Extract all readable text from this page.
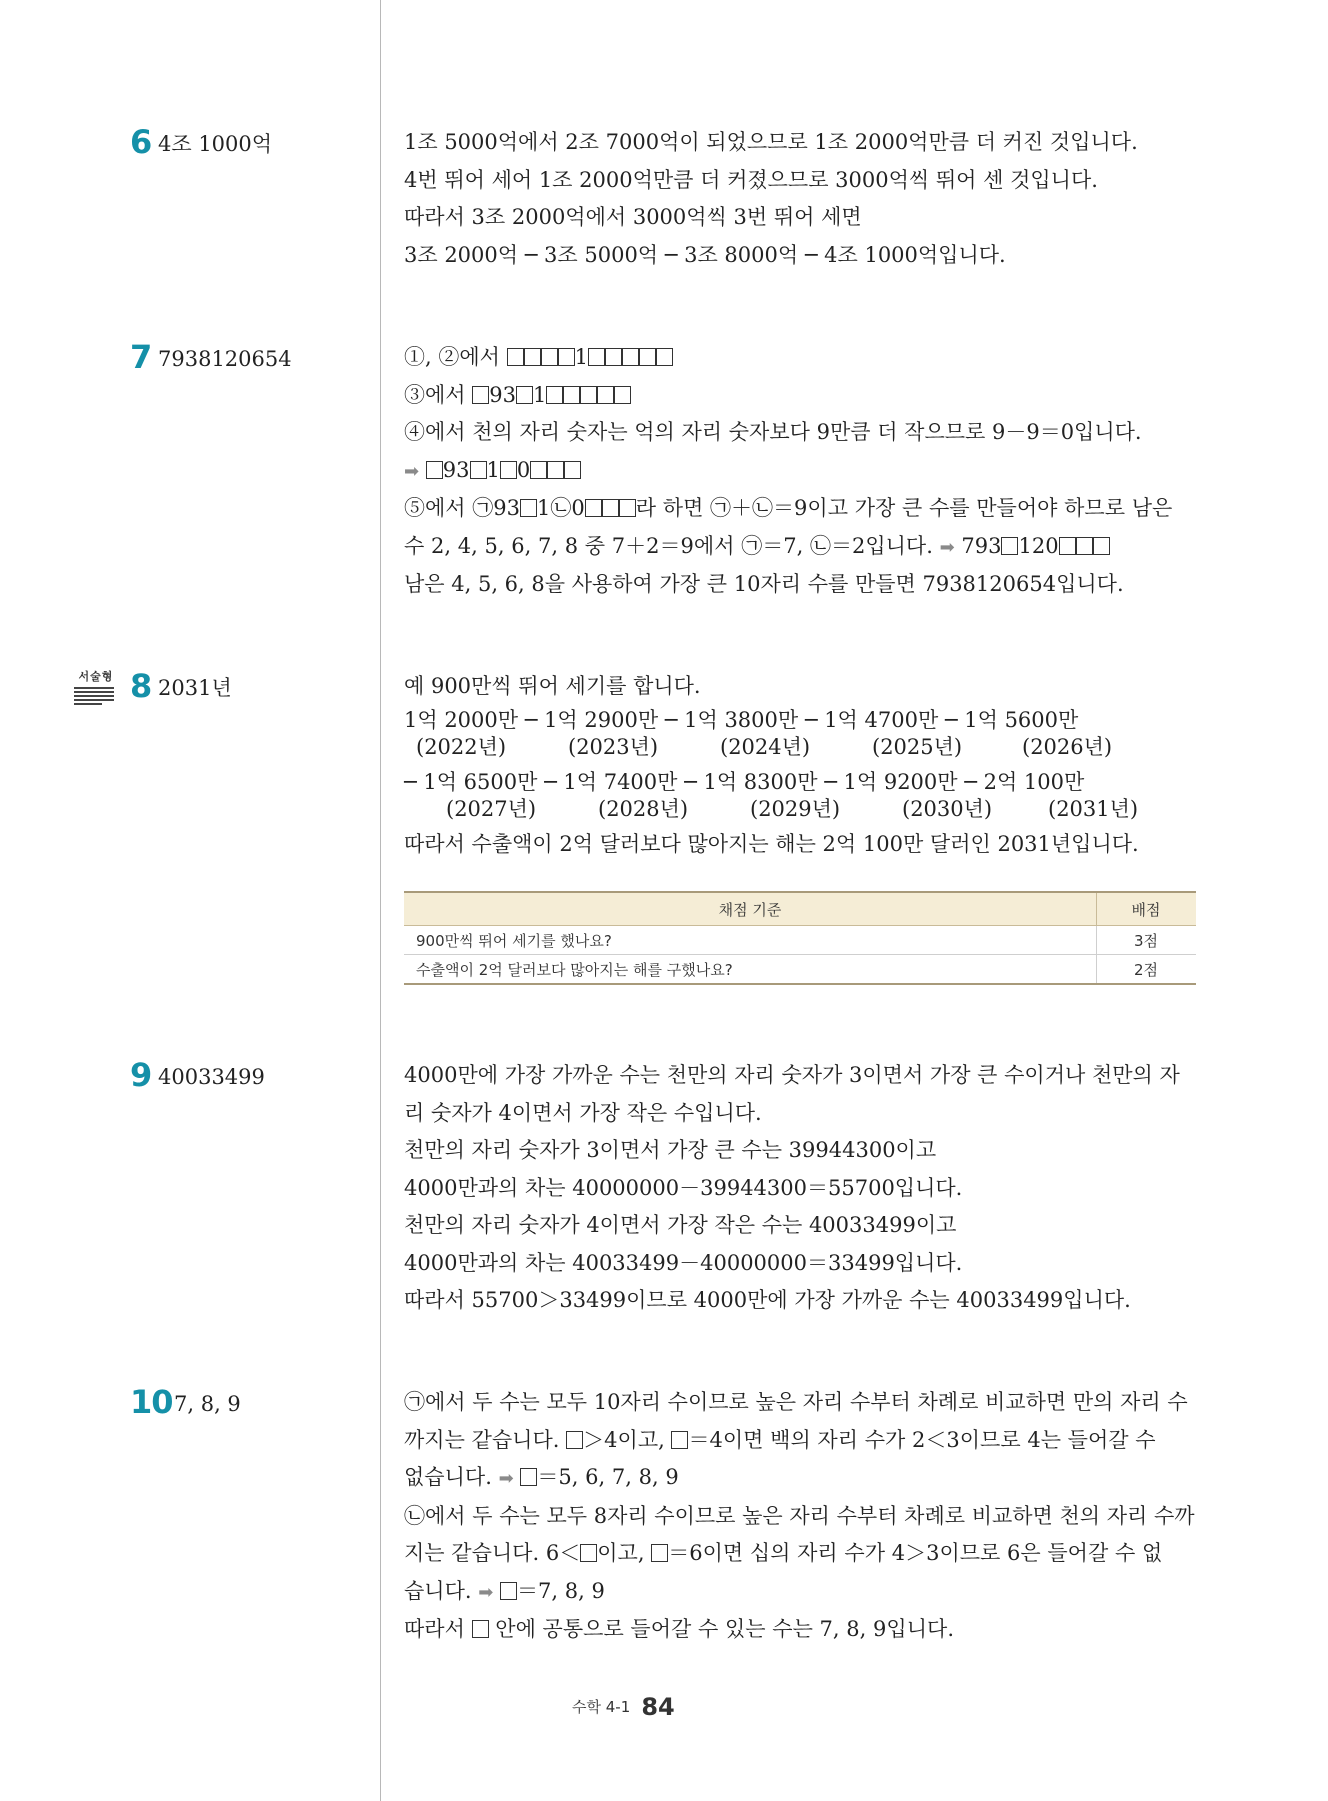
6 4조 1000억	1조 5000억에서 2조 7000억이 되었으므로 1조 2000억만큼 더 커진 것입니다.
4번 뛰어 세어 1조 2000억만큼 더 커졌으므로 3000억씩 뛰어 센 것입니다.
따라서 3조 2000억에서 3000억씩 3번 뛰어 세면
3조 2000억 ─ 3조 5000억 ─ 3조 8000억 ─ 4조 1000억입니다.
7 7938120654	①, ②에서	1
③에서 93 1
④에서 천의 자리 숫자는 억의 자리 숫자보다 9만큼 더 작으므로 9－9＝0입니다.
➡ 93 1 0
⑤에서 ㉠93 1㉡0 라 하면 ㉠＋㉡＝9이고 가장 큰 수를 만들어야 하므로 남은
수 2, 4, 5, 6, 7, 8 중 7＋2＝9에서 ㉠＝7, ㉡＝2입니다. ➡ 793 120
남은 4, 5, 6, 8을 사용하여 가장 큰 10자리 수를 만들면 7938120654입니다.
서술형 8 2031년	예 900만씩 뛰어 세기를 합니다.
1억 2000만 ─ 1억 2900만 ─ 1억 3800만 ─ 1억 4700만 ─ 1억 5600만
(2022년)	(2023년)	(2024년)	(2025년)	(2026년)
─ 1억 6500만 ─ 1억 7400만 ─ 1억 8300만 ─ 1억 9200만 ─ 2억 100만
(2027년)	(2028년)	(2029년)	(2030년)	(2031년)
따라서 수출액이 2억 달러보다 많아지는 해는 2억 100만 달러인 2031년입니다.
채점 기준	배점
900만씩 뛰어 세기를 했나요?	3점
수출액이 2억 달러보다 많아지는 해를 구했나요?	2점
9 40033499	4000만에 가장 가까운 수는 천만의 자리 숫자가 3이면서 가장 큰 수이거나 천만의 자
리 숫자가 4이면서 가장 작은 수입니다.
천만의 자리 숫자가 3이면서 가장 큰 수는 39944300이고
4000만과의 차는 40000000－39944300＝55700입니다.
천만의 자리 숫자가 4이면서 가장 작은 수는 40033499이고
4000만과의 차는 40033499－40000000＝33499입니다.
따라서 55700＞33499이므로 4000만에 가장 가까운 수는 40033499입니다.
10 7, 8, 9	㉠에서 두 수는 모두 10자리 수이므로 높은 자리 수부터 차례로 비교하면 만의 자리 수
까지는 같습니다. ＞4이고, ＝4이면 백의 자리 수가 2＜3이므로 4는 들어갈 수
없습니다. ➡ ＝5, 6, 7, 8, 9
㉡에서 두 수는 모두 8자리 수이므로 높은 자리 수부터 차례로 비교하면 천의 자리 수까
지는 같습니다. 6＜ 이고, ＝6이면 십의 자리 수가 4＞3이므로 6은 들어갈 수 없
습니다. ➡ ＝7, 8, 9
따라서 안에 공통으로 들어갈 수 있는 수는 7, 8, 9입니다.
수학 4-1 84
